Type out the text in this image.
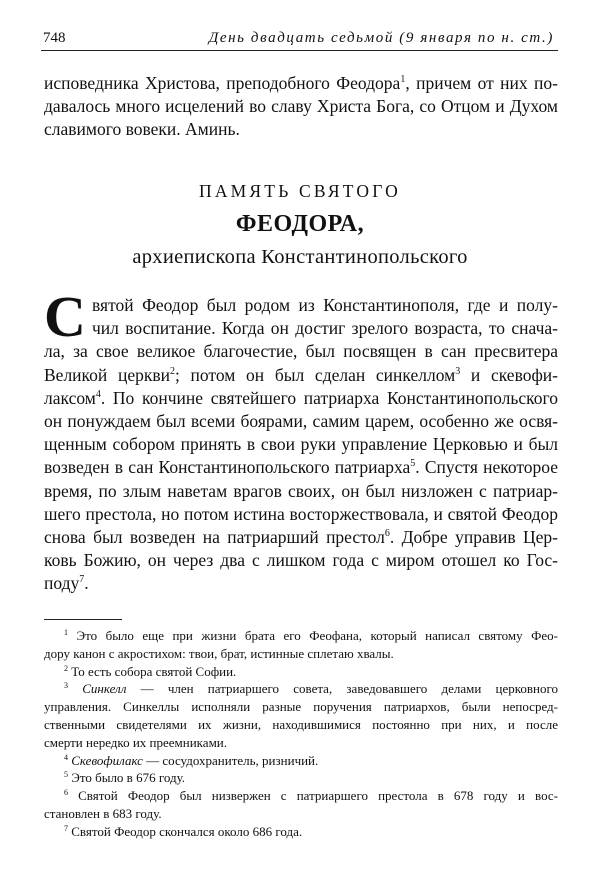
748	День двадцать седьмой (9 января по н. ст.)

исповедника Христова, преподобного Феодора$^1$, причем от них по-
давалось много исцелений во славу Христа Бога, со Отцом и Духом
славимого вовеки. Аминь.

ПАМЯТЬ СВЯТОГО

ФЕОДОРА,

архиепископа Константинопольского

С вятой Феодор был родом из Константинополя, где и полу-
чил воспитание. Когда он достиг зрелого возраста, то снача-

ла, за свое великое благочестие, был посвящен в сан пресвитера
Великой церкви$^2$; потом он был сделан синкеллом$^3$ и скевофи-
лаксом$^4$. По кончине святейшего патриарха Константинопольского
он понуждаем был всеми боярами, самим царем, особенно же освя-
щенным собором принять в свои руки управление Церковью и был
возведен в сан Константинопольского патриарха$^5$. Спустя некоторое
время, по злым наветам врагов своих, он был низложен с патриар-
шего престола, но потом истина восторжествовала, и святой Феодор
снова был возведен на патриарший престол$^6$. Добре управив Цер-
ковь Божию, он через два с лишком года с миром отошел ко Гос-
поду$^7$.

$^1$ Это было еще при жизни брата его Феофана, который написал святому Фео-
дору канон с акростихом: твои, брат, истинные сплетаю хвалы.
$^2$ То есть собора святой Софии.
$^3$ Синкелл — член патриаршего совета, заведовавшего делами церковного
управления. Синкеллы исполняли разные поручения патриархов, были непосред-
ственными свидетелями их жизни, находившимися постоянно при них, и после
смерти нередко их преемниками.
$^4$ Скевофилакс — сосудохранитель, ризничий.
$^5$ Это было в 676 году.
$^6$ Святой Феодор был низвержен с патриаршего престола в 678 году и вос-
становлен в 683 году.
$^7$ Святой Феодор скончался около 686 года.
